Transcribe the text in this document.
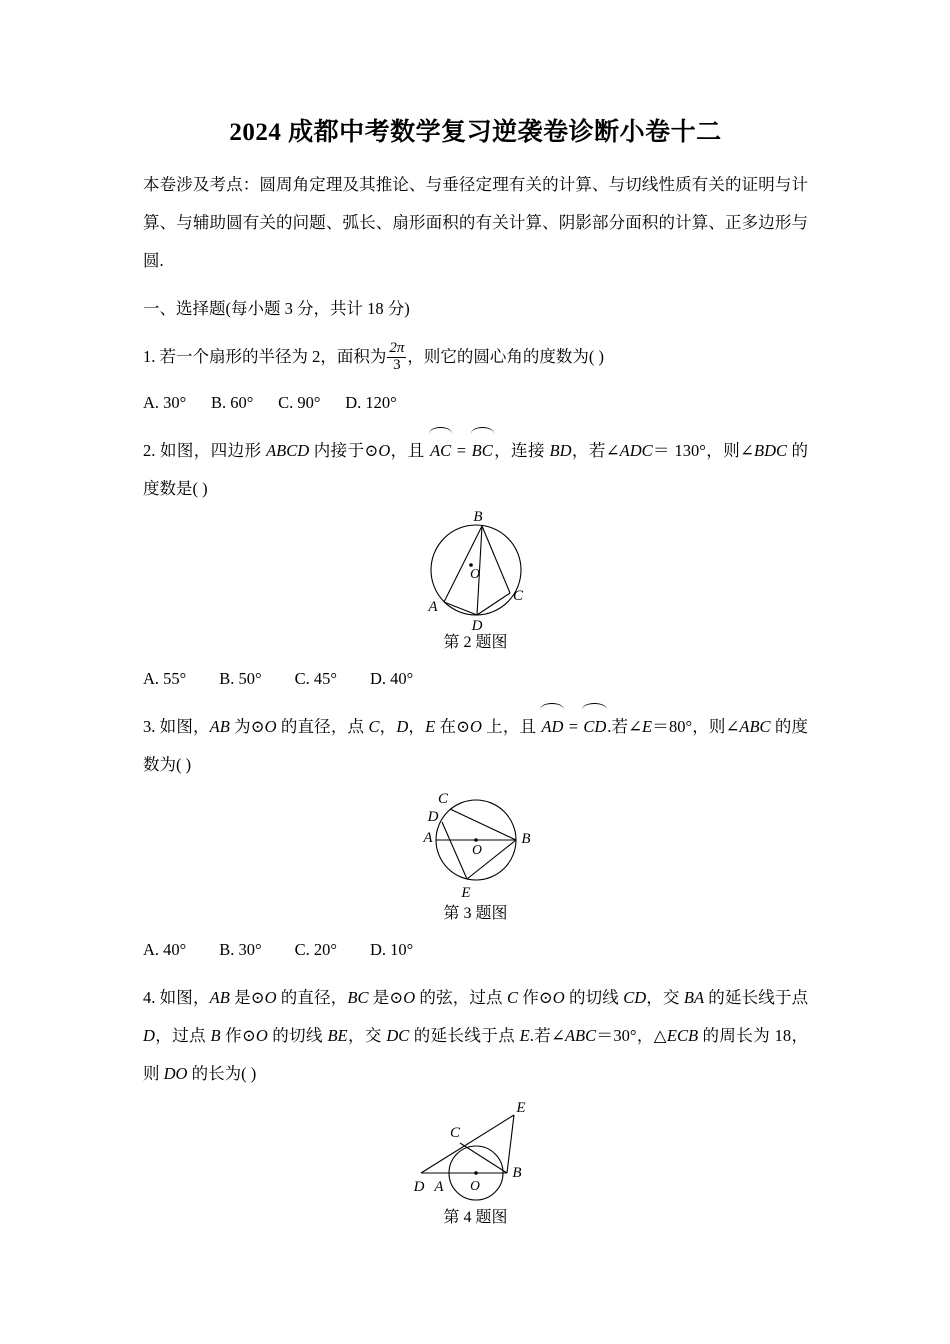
2024 成都中考数学复习逆袭卷诊断小卷十二

本卷涉及考点：圆周角定理及其推论、与垂径定理有关的计算、与切线性质有关的证明与计算、与辅助圆有关的问题、弧长、扇形面积的有关计算、阴影部分面积的计算、正多边形与圆.

一、选择题(每小题 3 分，共计 18 分)

1. 若一个扇形的半径为 2，面积为 $\frac{2\pi}{3}$ ，则它的圆心角的度数为( )

A. 30°      B. 60°      C. 90°      D. 120°

2. 如图，四边形 ABCD 内接于⊙O，且 AC = BC，连接 BD，若∠ADC＝ 130°，则∠BDC 的度数是( )

B
A
C
D
O

第 2 题图

A. 55°        B. 50°        C. 45°        D. 40°

3. 如图，AB 为⊙O 的直径，点 C，D，E 在⊙O 上，且 AD = CD.若∠E＝80°，则∠ABC 的度数为( )

C
D
A	B
E
O

第 3 题图

A. 40°        B. 30°        C. 20°        D. 10°

4. 如图，AB 是⊙O 的直径，BC 是⊙O 的弦，过点 C 作⊙O 的切线 CD，交 BA 的延长线于点 D，过点 B 作⊙O 的切线 BE，交 DC 的延长线于点 E.若∠ABC＝30°，△ECB 的周长为 18，则 DO 的长为( )

E
C
B
D A O

第 4 题图
